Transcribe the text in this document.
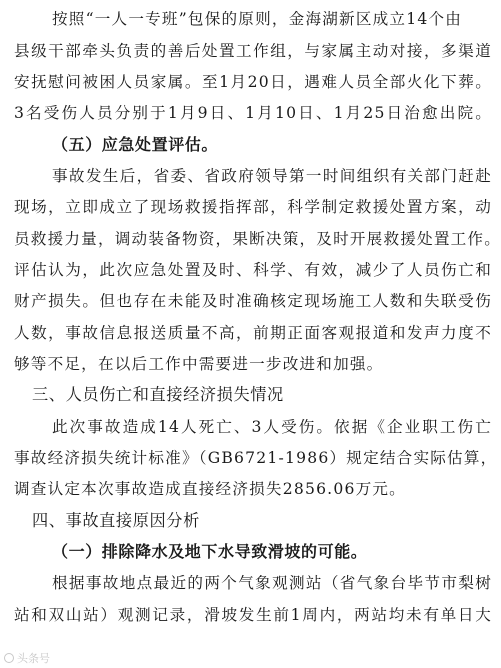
按照“一人一专班”包保的原则，金海湖新区成立14个由
县级干部牵头负责的善后处置工作组，与家属主动对接，多渠道
安抚慰问被困人员家属。至1月20日，遇难人员全部火化下葬。
3名受伤人员分别于1月9日、1月10日、1月25日治愈出院。
（五）应急处置评估。
事故发生后，省委、省政府领导第一时间组织有关部门赶赴
现场，立即成立了现场救援指挥部，科学制定救援处置方案，动
员救援力量，调动装备物资，果断决策，及时开展救援处置工作。
评估认为，此次应急处置及时、科学、有效，减少了人员伤亡和
财产损失。但也存在未能及时准确核定现场施工人数和失联受伤
人数，事故信息报送质量不高，前期正面客观报道和发声力度不
够等不足，在以后工作中需要进一步改进和加强。
三、人员伤亡和直接经济损失情况
此次事故造成14人死亡、3人受伤。依据《企业职工伤亡
事故经济损失统计标准》（GB6721-1986）规定结合实际估算，
调查认定本次事故造成直接经济损失2856.06万元。
四、事故直接原因分析
（一）排除降水及地下水导致滑坡的可能。
根据事故地点最近的两个气象观测站（省气象台毕节市梨树
站和双山站）观测记录，滑坡发生前1周内，两站均未有单日大
头条号
